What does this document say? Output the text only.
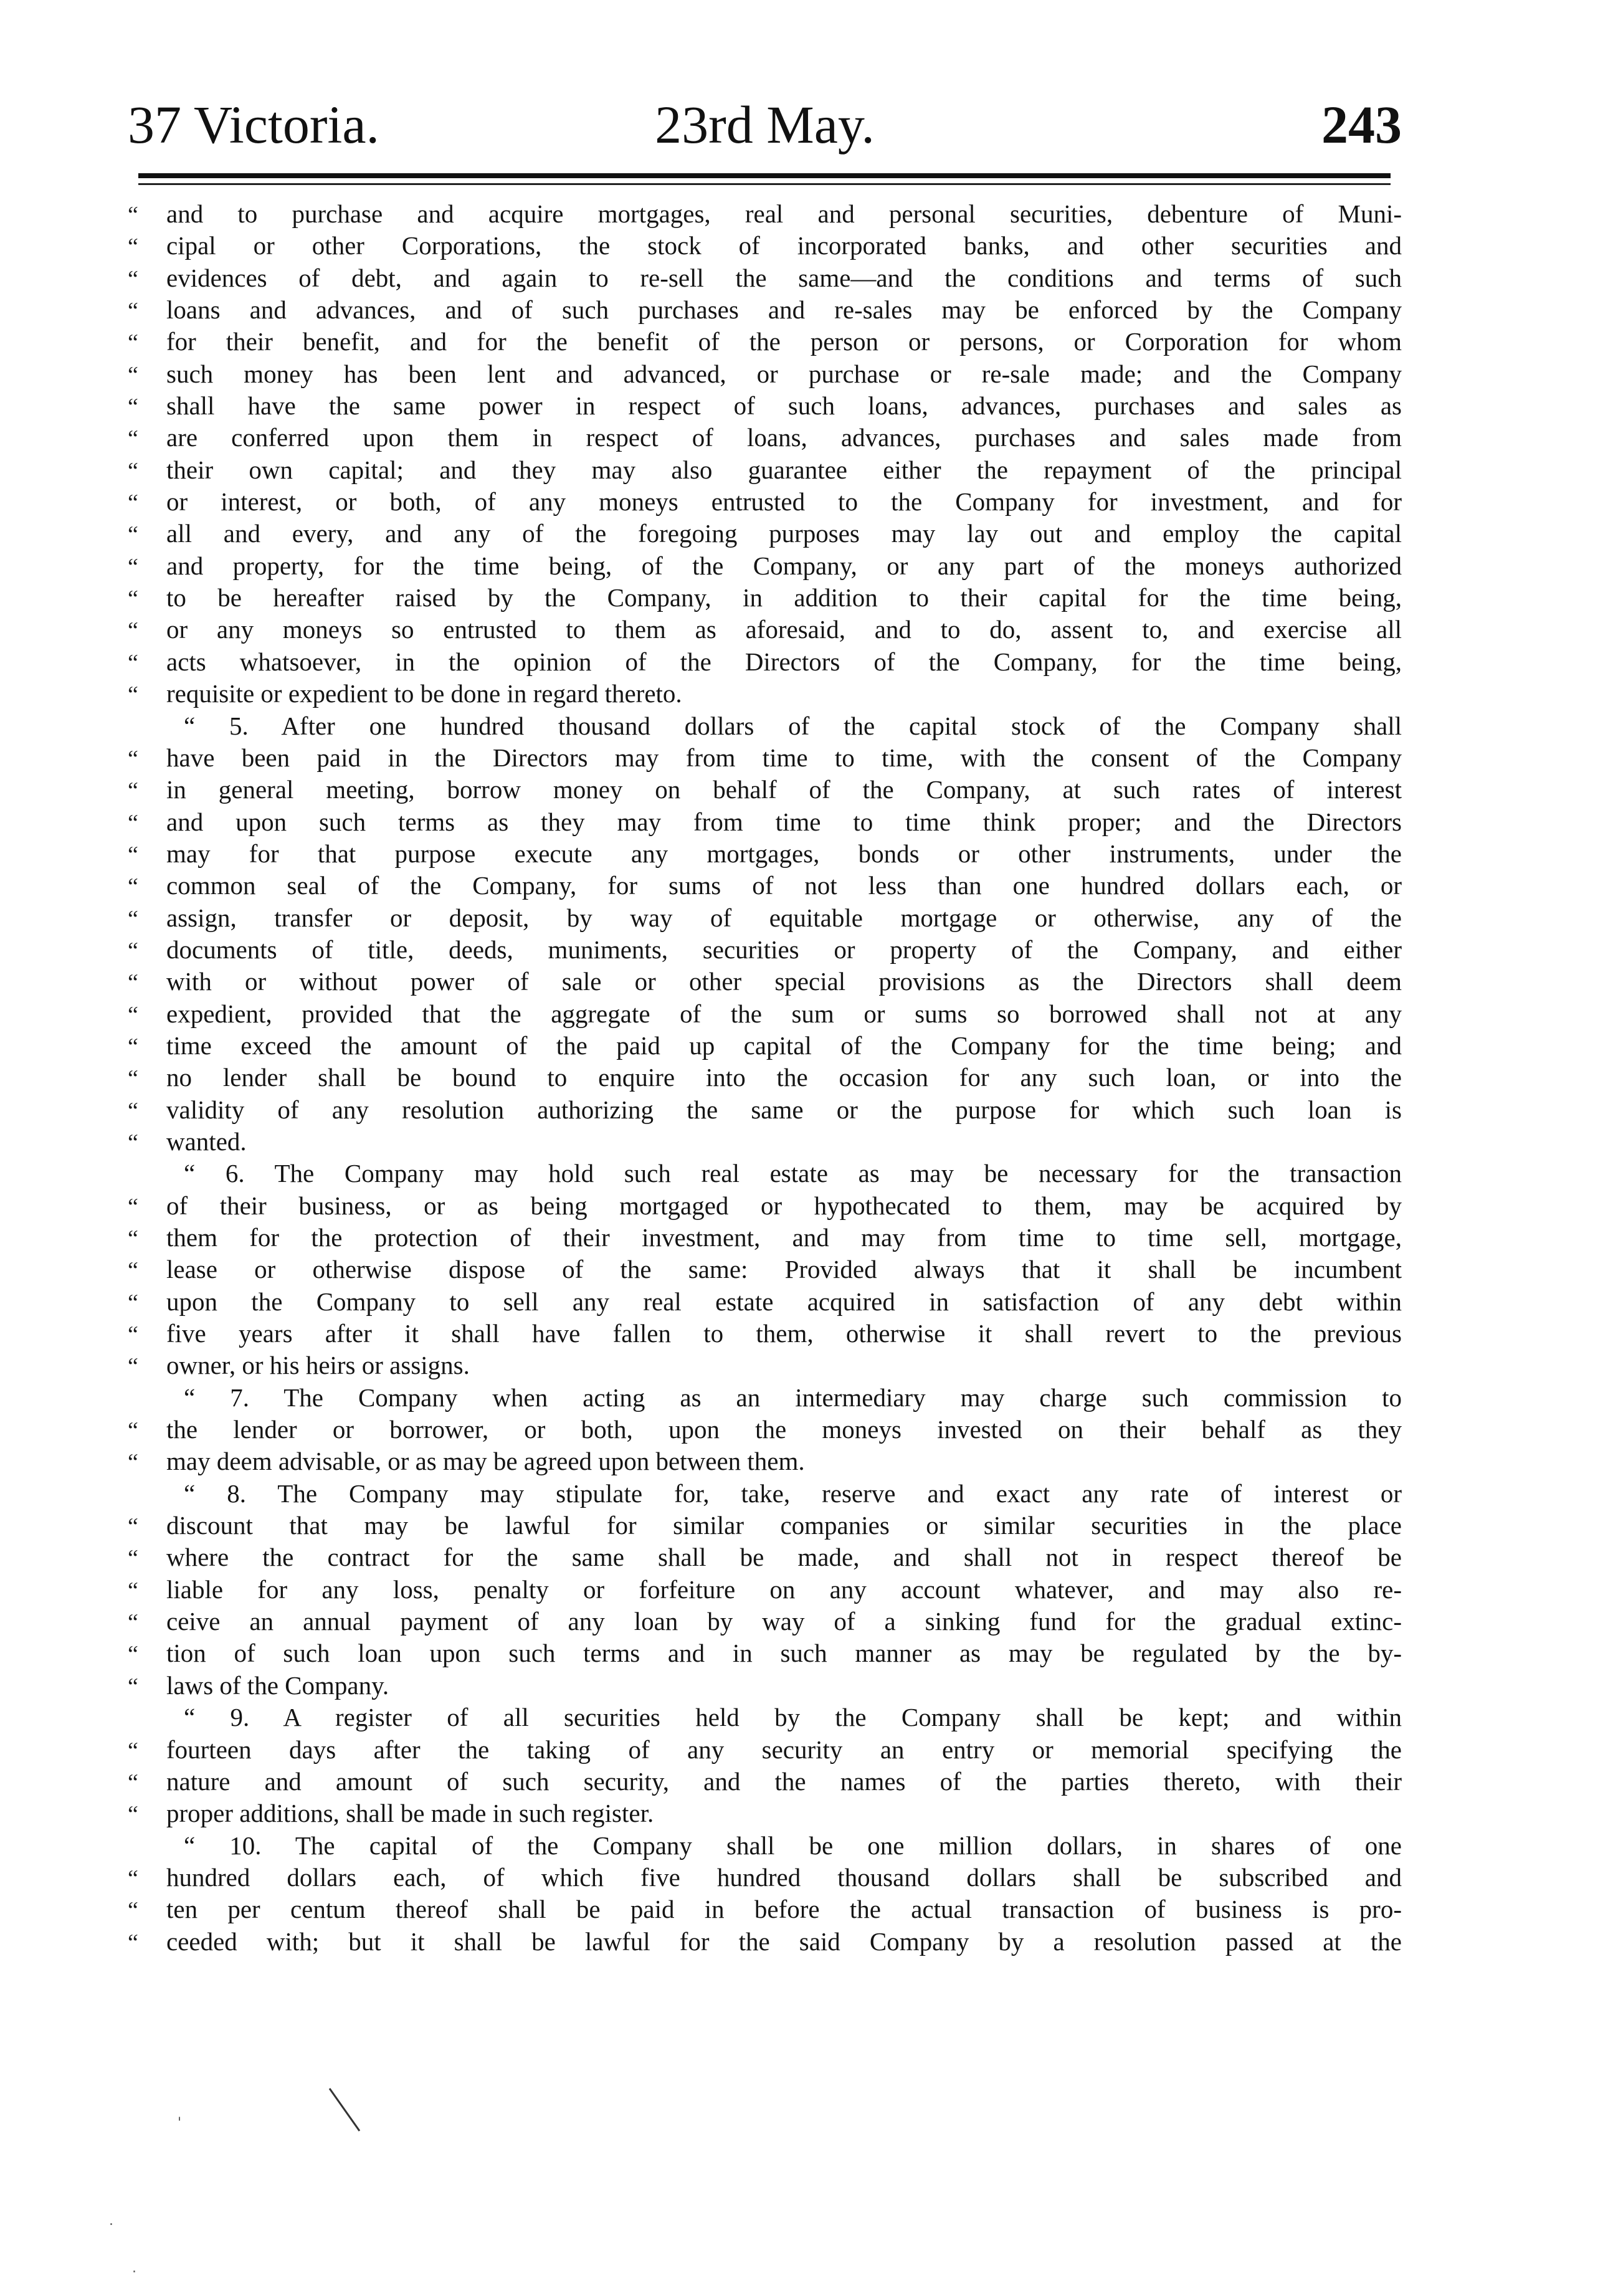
37 Victoria.	23rd May.	243
“	and to purchase and acquire mortgages, real and personal securities, debenture of Muni-
“	cipal or other Corporations, the stock of incorporated banks, and other securities and
“	evidences of debt, and again to re-sell the same—and the conditions and terms of such
“	loans and advances, and of such purchases and re-sales may be enforced by the Company
“	for their benefit, and for the benefit of the person or persons, or Corporation for whom
“	such money has been lent and advanced, or purchase or re-sale made; and the Company
“	shall have the same power in respect of such loans, advances, purchases and sales as
“	are conferred upon them in respect of loans, advances, purchases and sales made from
“	their own capital; and they may also guarantee either the repayment of the principal
“	or interest, or both, of any moneys entrusted to the Company for investment, and for
“	all and every, and any of the foregoing purposes may lay out and employ the capital
“	and property, for the time being, of the Company, or any part of the moneys authorized
“	to be hereafter raised by the Company, in addition to their capital for the time being,
“	or any moneys so entrusted to them as aforesaid, and to do, assent to, and exercise all
“	acts whatsoever, in the opinion of the Directors of the Company, for the time being,
“	requisite or expedient to be done in regard thereto.
“ 5. After one hundred thousand dollars of the capital stock of the Company shall
“	have been paid in the Directors may from time to time, with the consent of the Company
“	in general meeting, borrow money on behalf of the Company, at such rates of interest
“	and upon such terms as they may from time to time think proper; and the Directors
“	may for that purpose execute any mortgages, bonds or other instruments, under the
“	common seal of the Company, for sums of not less than one hundred dollars each, or
“	assign, transfer or deposit, by way of equitable mortgage or otherwise, any of the
“	documents of title, deeds, muniments, securities or property of the Company, and either
“	with or without power of sale or other special provisions as the Directors shall deem
“	expedient, provided that the aggregate of the sum or sums so borrowed shall not at any
“	time exceed the amount of the paid up capital of the Company for the time being; and
“	no lender shall be bound to enquire into the occasion for any such loan, or into the
“	validity of any resolution authorizing the same or the purpose for which such loan is
“	wanted.
“ 6. The Company may hold such real estate as may be necessary for the transaction
“	of their business, or as being mortgaged or hypothecated to them, may be acquired by
“	them for the protection of their investment, and may from time to time sell, mortgage,
“	lease or otherwise dispose of the same: Provided always that it shall be incumbent
“	upon the Company to sell any real estate acquired in satisfaction of any debt within
“	five years after it shall have fallen to them, otherwise it shall revert to the previous
“	owner, or his heirs or assigns.
“ 7. The Company when acting as an intermediary may charge such commission to
“	the lender or borrower, or both, upon the moneys invested on their behalf as they
“	may deem advisable, or as may be agreed upon between them.
“ 8. The Company may stipulate for, take, reserve and exact any rate of interest or
“	discount that may be lawful for similar companies or similar securities in the place
“	where the contract for the same shall be made, and shall not in respect thereof be
“	liable for any loss, penalty or forfeiture on any account whatever, and may also re-
“	ceive an annual payment of any loan by way of a sinking fund for the gradual extinc-
“	tion of such loan upon such terms and in such manner as may be regulated by the by-
“	laws of the Company.
“ 9. A register of all securities held by the Company shall be kept; and within
“	fourteen days after the taking of any security an entry or memorial specifying the
“	nature and amount of such security, and the names of the parties thereto, with their
“	proper additions, shall be made in such register.
“ 10. The capital of the Company shall be one million dollars, in shares of one
“	hundred dollars each, of which five hundred thousand dollars shall be subscribed and
“	ten per centum thereof shall be paid in before the actual transaction of business is pro-
“	ceeded with; but it shall be lawful for the said Company by a resolution passed at the
'
.
.
